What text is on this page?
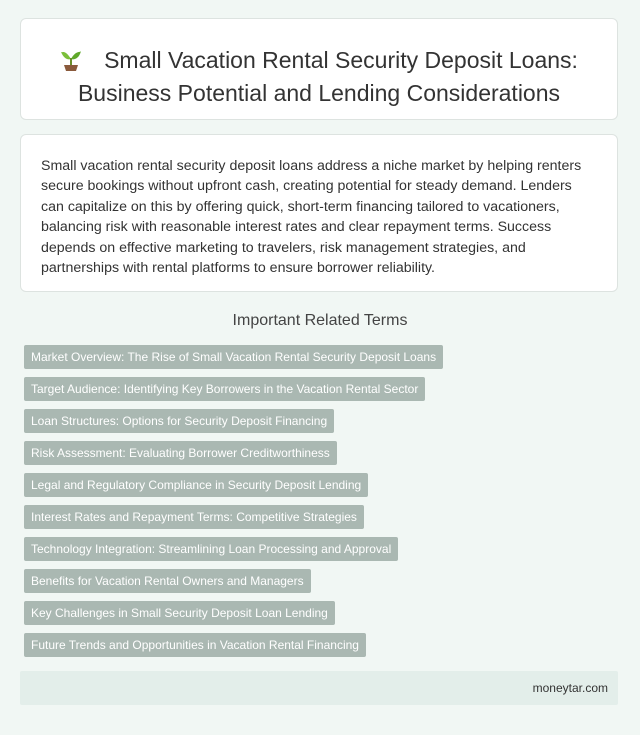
Small Vacation Rental Security Deposit Loans: Business Potential and Lending Considerations

Small vacation rental security deposit loans address a niche market by helping renters secure bookings without upfront cash, creating potential for steady demand. Lenders can capitalize on this by offering quick, short-term financing tailored to vacationers, balancing risk with reasonable interest rates and clear repayment terms. Success depends on effective marketing to travelers, risk management strategies, and partnerships with rental platforms to ensure borrower reliability.

Important Related Terms
Market Overview: The Rise of Small Vacation Rental Security Deposit Loans
Target Audience: Identifying Key Borrowers in the Vacation Rental Sector
Loan Structures: Options for Security Deposit Financing
Risk Assessment: Evaluating Borrower Creditworthiness
Legal and Regulatory Compliance in Security Deposit Lending
Interest Rates and Repayment Terms: Competitive Strategies
Technology Integration: Streamlining Loan Processing and Approval
Benefits for Vacation Rental Owners and Managers
Key Challenges in Small Security Deposit Loan Lending
Future Trends and Opportunities in Vacation Rental Financing
moneytar.com
